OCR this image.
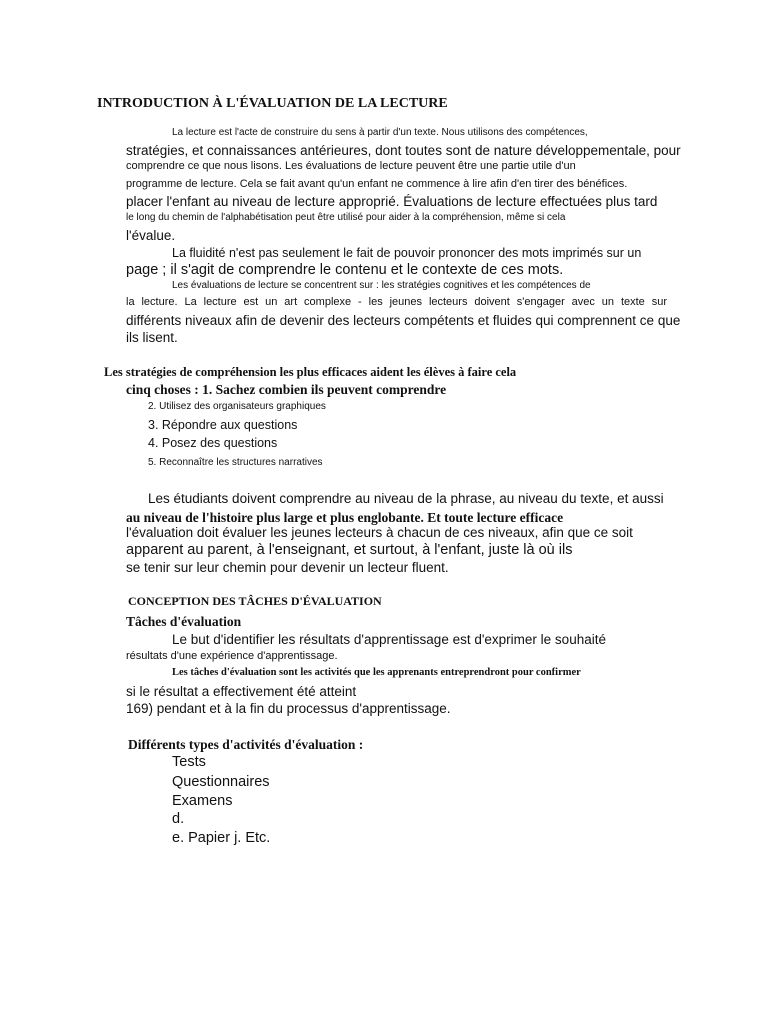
INTRODUCTION À L'ÉVALUATION DE LA LECTURE
La lecture est l'acte de construire du sens à partir d'un texte. Nous utilisons des compétences,
stratégies, et connaissances antérieures, dont toutes sont de nature développementale, pour
comprendre ce que nous lisons. Les évaluations de lecture peuvent être une partie utile d'un
programme de lecture. Cela se fait avant qu'un enfant ne commence à lire afin d'en tirer des bénéfices.
placer l'enfant au niveau de lecture approprié. Évaluations de lecture effectuées plus tard
le long du chemin de l'alphabétisation peut être utilisé pour aider à la compréhension, même si cela
l'évalue.
La fluidité n'est pas seulement le fait de pouvoir prononcer des mots imprimés sur un
page ; il s'agit de comprendre le contenu et le contexte de ces mots.
Les évaluations de lecture se concentrent sur : les stratégies cognitives et les compétences de
la lecture. La lecture est un art complexe - les jeunes lecteurs doivent s'engager avec un texte sur
différents niveaux afin de devenir des lecteurs compétents et fluides qui comprennent ce que
ils lisent.
Les stratégies de compréhension les plus efficaces aident les élèves à faire cela
cinq choses : 1. Sachez combien ils peuvent comprendre
2. Utilisez des organisateurs graphiques
3. Répondre aux questions
4. Posez des questions
5. Reconnaître les structures narratives
Les étudiants doivent comprendre au niveau de la phrase, au niveau du texte, et aussi
au niveau de l'histoire plus large et plus englobante. Et toute lecture efficace
l'évaluation doit évaluer les jeunes lecteurs à chacun de ces niveaux, afin que ce soit
apparent au parent, à l'enseignant, et surtout, à l'enfant, juste là où ils
se tenir sur leur chemin pour devenir un lecteur fluent.
CONCEPTION DES TÂCHES D'ÉVALUATION
Tâches d'évaluation
Le but d'identifier les résultats d'apprentissage est d'exprimer le souhaité
résultats d'une expérience d'apprentissage.
Les tâches d'évaluation sont les activités que les apprenants entreprendront pour confirmer
si le résultat a effectivement été atteint
169) pendant et à la fin du processus d'apprentissage.
Différents types d'activités d'évaluation :
Tests
Questionnaires
Examens
d.
e. Papier j. Etc.
